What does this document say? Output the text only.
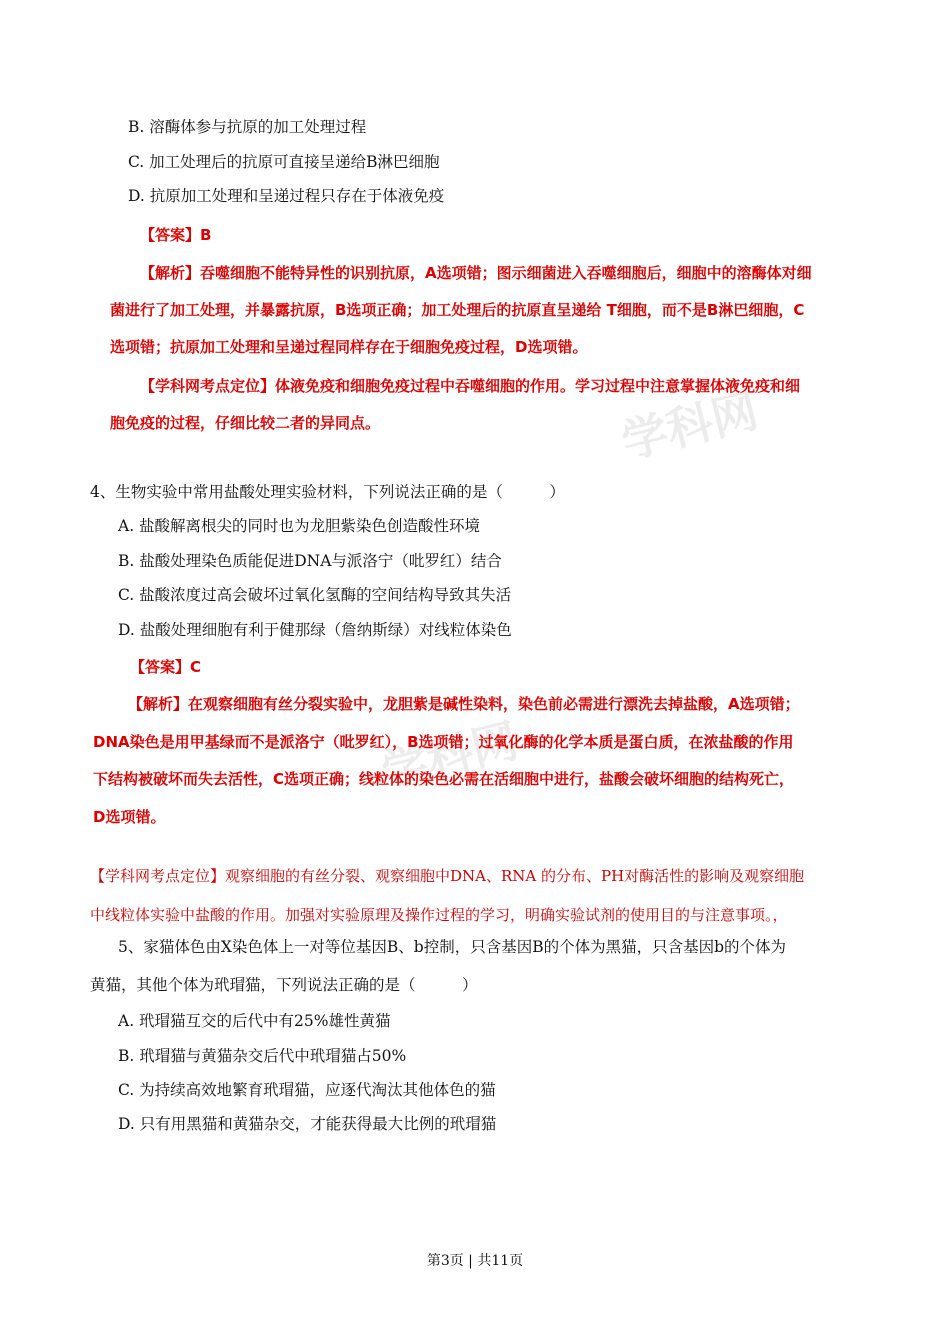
学科网
学科网
B. 溶酶体参与抗原的加工处理过程
C. 加工处理后的抗原可直接呈递给B淋巴细胞
D. 抗原加工处理和呈递过程只存在于体液免疫
【答案】B
【解析】吞噬细胞不能特异性的识别抗原，A选项错；图示细菌进入吞噬细胞后，细胞中的溶酶体对细
菌进行了加工处理，并暴露抗原，B选项正确；加工处理后的抗原直呈递给 T细胞，而不是B淋巴细胞，C
选项错；抗原加工处理和呈递过程同样存在于细胞免疫过程，D选项错。
【学科网考点定位】体液免疫和细胞免疫过程中吞噬细胞的作用。学习过程中注意掌握体液免疫和细
胞免疫的过程，仔细比较二者的异同点。
4、生物实验中常用盐酸处理实验材料，下列说法正确的是（　　　）
A. 盐酸解离根尖的同时也为龙胆紫染色创造酸性环境
B. 盐酸处理染色质能促进DNA与派洛宁（吡罗红）结合
C. 盐酸浓度过高会破坏过氧化氢酶的空间结构导致其失活
D. 盐酸处理细胞有利于健那绿（詹纳斯绿）对线粒体染色
【答案】C
【解析】在观察细胞有丝分裂实验中，龙胆紫是碱性染料，染色前必需进行漂洗去掉盐酸，A选项错；
DNA染色是用甲基绿而不是派洛宁（吡罗红），B选项错；过氧化酶的化学本质是蛋白质，在浓盐酸的作用
下结构被破坏而失去活性，C选项正确；线粒体的染色必需在活细胞中进行，盐酸会破坏细胞的结构死亡，
D选项错。
【学科网考点定位】观察细胞的有丝分裂、观察细胞中DNA、RNA 的分布、PH对酶活性的影响及观察细胞
中线粒体实验中盐酸的作用。加强对实验原理及操作过程的学习，明确实验试剂的使用目的与注意事项。，
5、家猫体色由X染色体上一对等位基因B、b控制，只含基因B的个体为黑猫，只含基因b的个体为
黄猫，其他个体为玳瑁猫，下列说法正确的是（　　　）
A. 玳瑁猫互交的后代中有25%雄性黄猫
B. 玳瑁猫与黄猫杂交后代中玳瑁猫占50%
C. 为持续高效地繁育玳瑁猫，应逐代淘汰其他体色的猫
D. 只有用黑猫和黄猫杂交，才能获得最大比例的玳瑁猫
第3页 | 共11页
